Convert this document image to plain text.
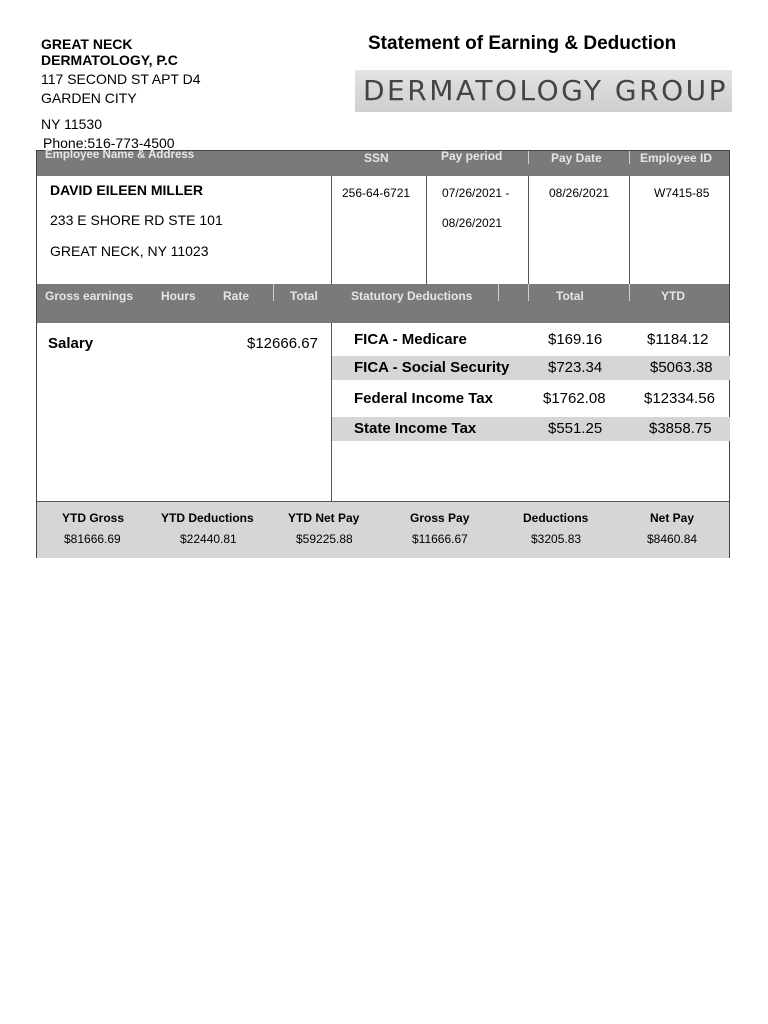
GREAT NECK
DERMATOLOGY, P.C
117 SECOND ST APT D4
GARDEN CITY
NY 11530
Phone:516-773-4500
Statement of Earning & Deduction
DERMATOLOGY GROUP
Employee Name & Address	SSN	Pay period	Pay Date	Employee ID
DAVID EILEEN MILLER
233 E SHORE RD STE 101
GREAT NECK, NY 11023
256-64-6721	07/26/2021 -
08/26/2021
08/26/2021	W7415-85
Gross earnings Hours Rate	Total	Statutory Deductions	Total	YTD
Salary	$12666.67 FICA - Medicare	$169.16	$1184.12
FICA - Social Security	$723.34	$5063.38
Federal Income Tax	$1762.08	$12334.56
State Income Tax	$551.25	$3858.75
YTD Gross	YTD Deductions	YTD Net Pay	Gross Pay	Deductions	Net Pay
$81666.69	$22440.81	$59225.88	$11666.67	$3205.83	$8460.84
